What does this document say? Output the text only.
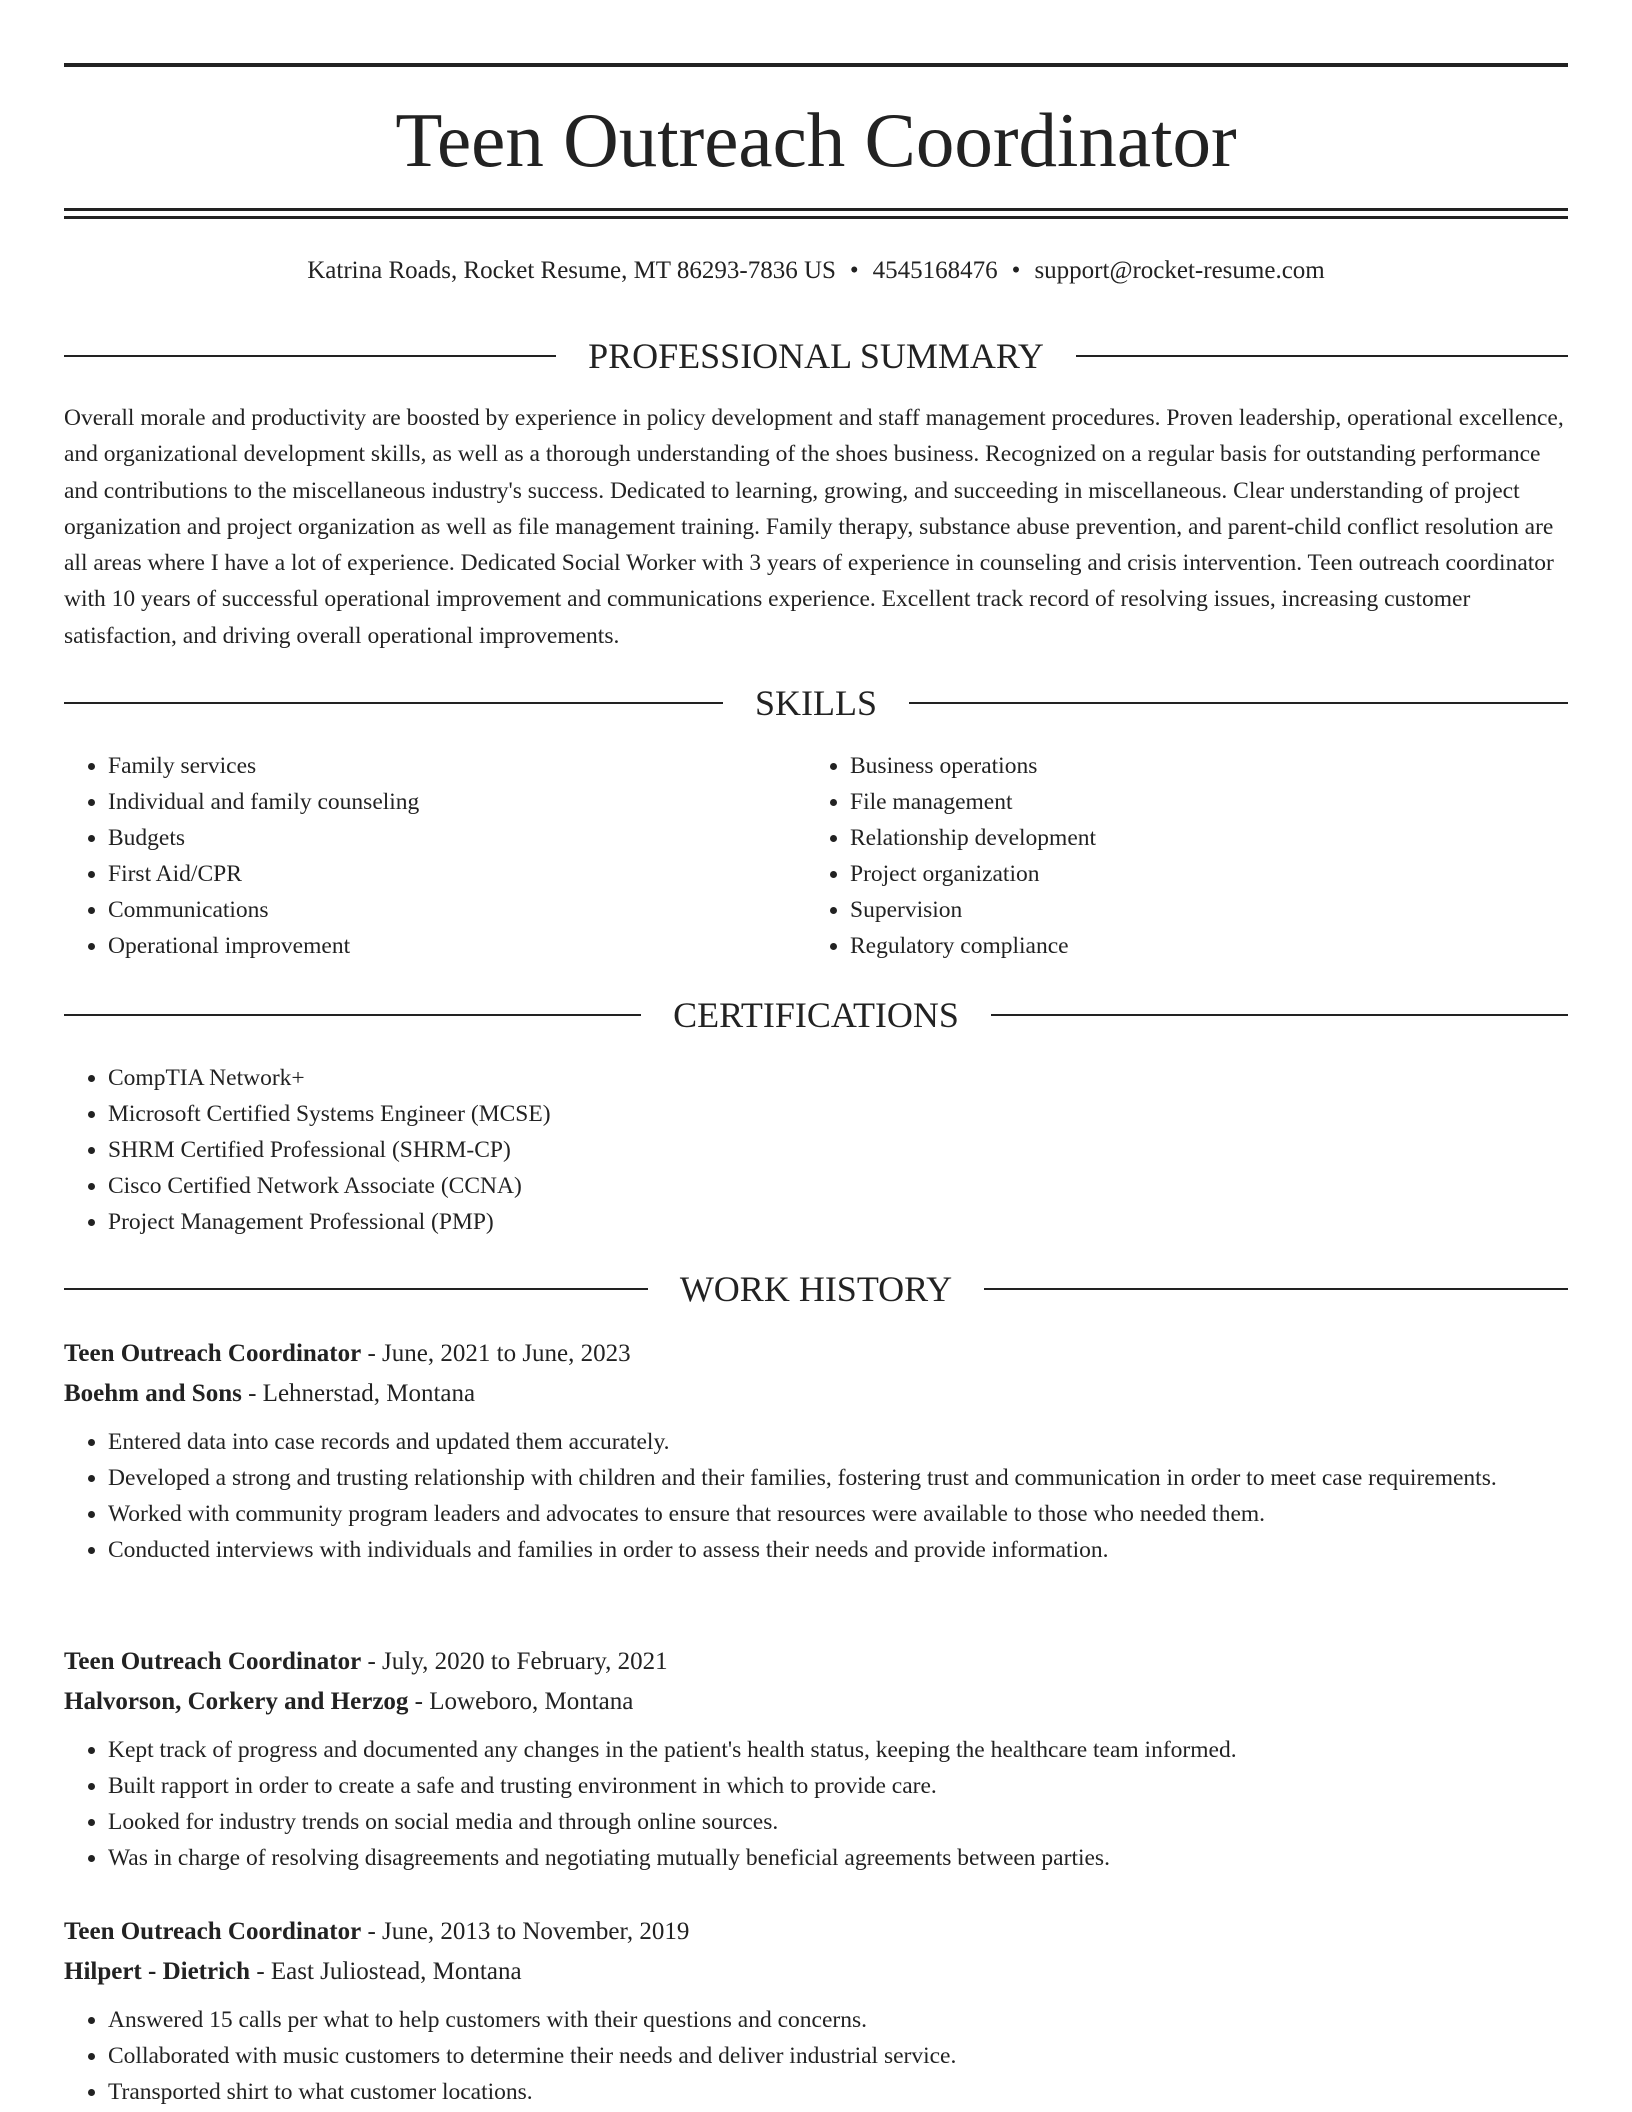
Teen Outreach Coordinator
Katrina Roads, Rocket Resume, MT 86293-7836 US • 4545168476 • support@rocket-resume.com
PROFESSIONAL SUMMARY

Overall morale and productivity are boosted by experience in policy development and staff management procedures. Proven leadership, operational excellence, and organizational development skills, as well as a thorough understanding of the shoes business. Recognized on a regular basis for outstanding performance and contributions to the miscellaneous industry's success. Dedicated to learning, growing, and succeeding in miscellaneous. Clear understanding of project organization and project organization as well as file management training. Family therapy, substance abuse prevention, and parent-child conflict resolution are all areas where I have a lot of experience. Dedicated Social Worker with 3 years of experience in counseling and crisis intervention. Teen outreach coordinator with 10 years of successful operational improvement and communications experience. Excellent track record of resolving issues, increasing customer satisfaction, and driving overall operational improvements.

SKILLS
• Family services
• Individual and family counseling
• Budgets
• First Aid/CPR
• Communications
• Operational improvement
• Business operations
• File management
• Relationship development
• Project organization
• Supervision
• Regulatory compliance
CERTIFICATIONS
• CompTIA Network+
• Microsoft Certified Systems Engineer (MCSE)
• SHRM Certified Professional (SHRM-CP)
• Cisco Certified Network Associate (CCNA)
• Project Management Professional (PMP)
WORK HISTORY
Teen Outreach Coordinator - June, 2021 to June, 2023
Boehm and Sons - Lehnerstad, Montana
• Entered data into case records and updated them accurately.
• Developed a strong and trusting relationship with children and their families, fostering trust and communication in order to meet case requirements.
• Worked with community program leaders and advocates to ensure that resources were available to those who needed them.
• Conducted interviews with individuals and families in order to assess their needs and provide information.
Teen Outreach Coordinator - July, 2020 to February, 2021
Halvorson, Corkery and Herzog - Loweboro, Montana
• Kept track of progress and documented any changes in the patient's health status, keeping the healthcare team informed.
• Built rapport in order to create a safe and trusting environment in which to provide care.
• Looked for industry trends on social media and through online sources.
• Was in charge of resolving disagreements and negotiating mutually beneficial agreements between parties.
Teen Outreach Coordinator - June, 2013 to November, 2019
Hilpert - Dietrich - East Juliostead, Montana
• Answered 15 calls per what to help customers with their questions and concerns.
• Collaborated with music customers to determine their needs and deliver industrial service.
• Transported shirt to what customer locations.
